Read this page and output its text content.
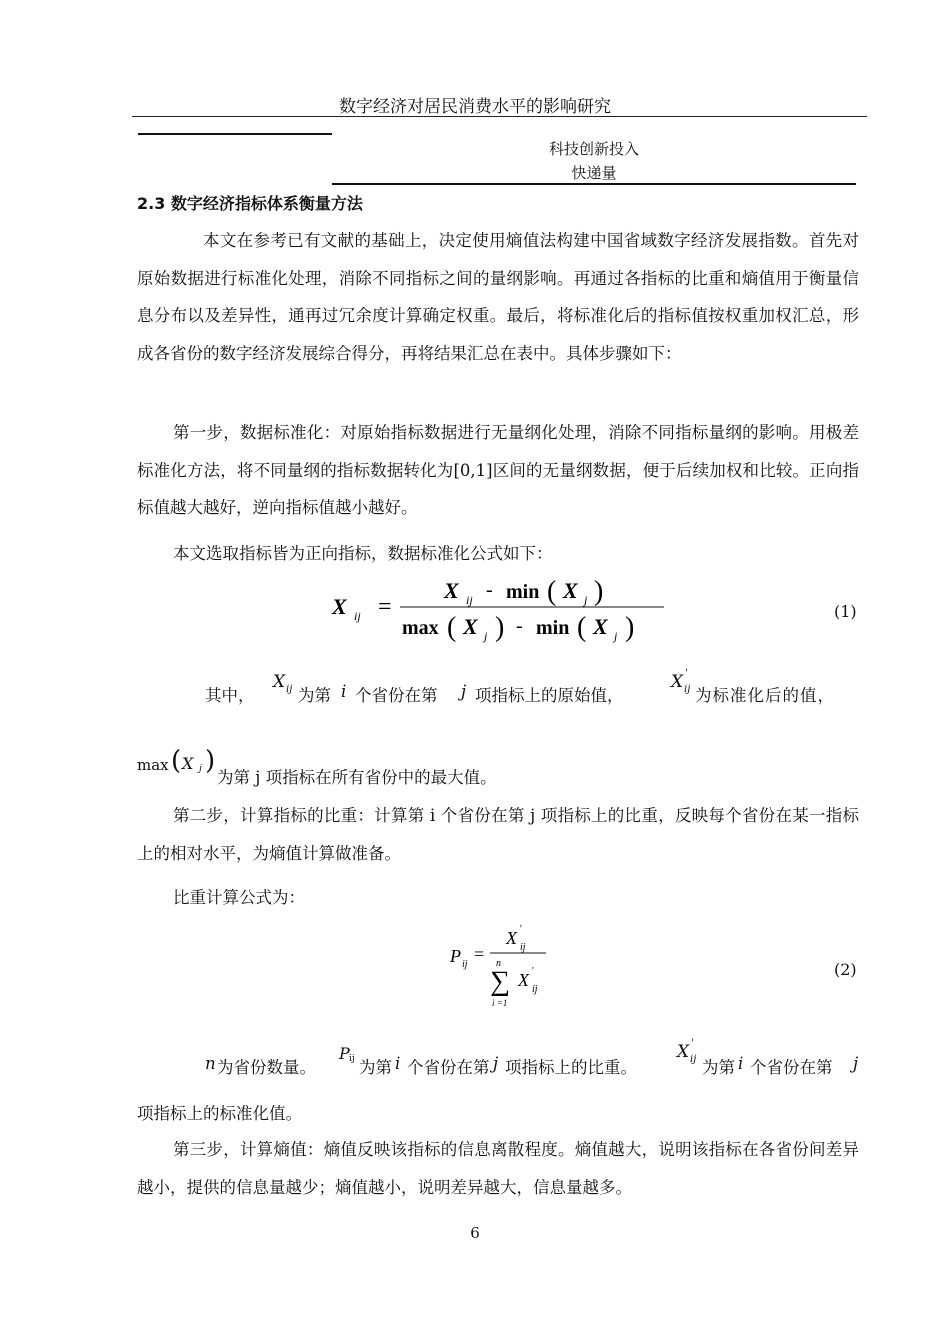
数字经济对居民消费水平的影响研究
科技创新投入
快递量
2.3 数字经济指标体系衡量方法
本文在参考已有文献的基础上，决定使用熵值法构建中国省域数字经济发展指数。首先对原始数据进行标准化处理，消除不同指标之间的量纲影响。再通过各指标的比重和熵值用于衡量信息分布以及差异性，通再过冗余度计算确定权重。最后，将标准化后的指标值按权重加权汇总，形成各省份的数字经济发展综合得分，再将结果汇总在表中。具体步骤如下：
第一步，数据标准化：对原始指标数据进行无量纲化处理，消除不同指标量纲的影响。用极差标准化方法，将不同量纲的指标数据转化为[0,1]区间的无量纲数据，便于后续加权和比较。正向指标值越大越好，逆向指标值越小越好。
本文选取指标皆为正向指标，数据标准化公式如下：
X ij =
X ij - min ( X j )
max ( X j ) - min ( X j )
(1)
其中，
X ij 为第 i 个省份在第 j 项指标上的原始值，
X '
ij 为标准化后的值，
max ( X j )
为第 j 项指标在所有省份中的最大值。
第二步，计算指标的比重：计算第 i 个省份在第 j 项指标上的比重，反映每个省份在某一指标上的相对水平，为熵值计算做准备。
比重计算公式为：
P ij
=
X '
ij
n
∑
i =1
X '
ij
(2)
n 为省份数量。
P ij 为第 i 个省份在第 j 项指标上的比重。
X '
ij 为第 i 个省份在第 j
项指标上的标准化值。
第三步，计算熵值：熵值反映该指标的信息离散程度。熵值越大，说明该指标在各省份间差异越小，提供的信息量越少；熵值越小，说明差异越大，信息量越多。
6
